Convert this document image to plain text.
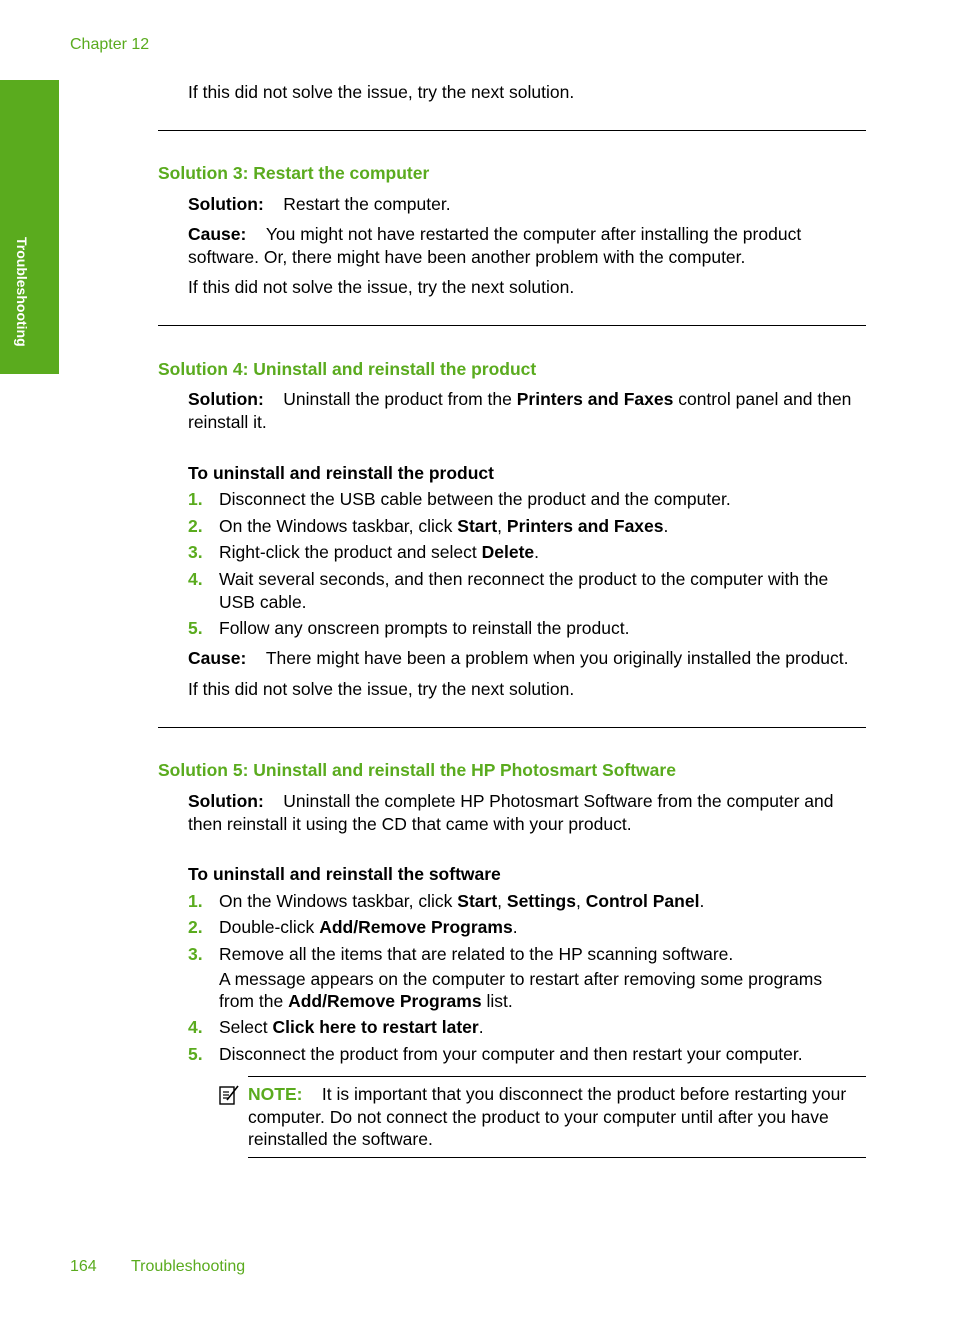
Chapter 12
Troubleshooting
If this did not solve the issue, try the next solution.
Solution 3: Restart the computer
Solution: Restart the computer.
Cause: You might not have restarted the computer after installing the product
software. Or, there might have been another problem with the computer.
If this did not solve the issue, try the next solution.
Solution 4: Uninstall and reinstall the product
Solution: Uninstall the product from the Printers and Faxes control panel and then
reinstall it.
To uninstall and reinstall the product
1. Disconnect the USB cable between the product and the computer.
2. On the Windows taskbar, click Start, Printers and Faxes.
3. Right-click the product and select Delete.
4. Wait several seconds, and then reconnect the product to the computer with the
USB cable.
5. Follow any onscreen prompts to reinstall the product.
Cause: There might have been a problem when you originally installed the product.
If this did not solve the issue, try the next solution.
Solution 5: Uninstall and reinstall the HP Photosmart Software
Solution: Uninstall the complete HP Photosmart Software from the computer and
then reinstall it using the CD that came with your product.
To uninstall and reinstall the software
1. On the Windows taskbar, click Start, Settings, Control Panel.
2. Double-click Add/Remove Programs.
3. Remove all the items that are related to the HP scanning software.
A message appears on the computer to restart after removing some programs
from the Add/Remove Programs list.
4. Select Click here to restart later.
5. Disconnect the product from your computer and then restart your computer.
NOTE: It is important that you disconnect the product before restarting your
computer. Do not connect the product to your computer until after you have
reinstalled the software.
164 Troubleshooting
